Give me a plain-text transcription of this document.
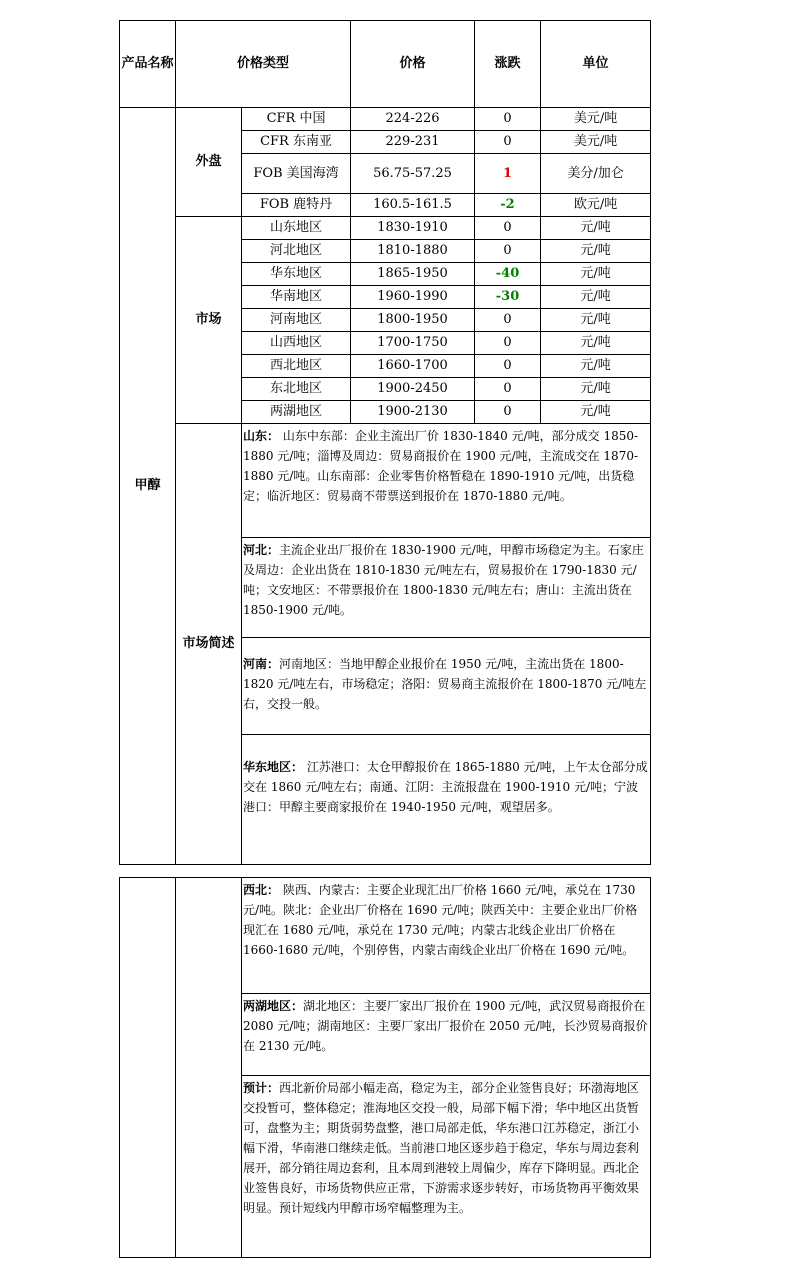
产品名称	价格类型		价格	涨跌	单位
甲醇	外盘	CFR 中国	224-226	0	美元/吨
		CFR 东南亚	229-231	0	美元/吨
		FOB 美国海湾	56.75-57.25	1	美分/加仑
		FOB 鹿特丹	160.5-161.5	-2	欧元/吨
	市场	山东地区	1830-1910	0	元/吨
		河北地区	1810-1880	0	元/吨
		华东地区	1865-1950	-40	元/吨
		华南地区	1960-1990	-30	元/吨
		河南地区	1800-1950	0	元/吨
		山西地区	1700-1750	0	元/吨
		西北地区	1660-1700	0	元/吨
		东北地区	1900-2450	0	元/吨
		两湖地区	1900-2130	0	元/吨
	市场简述	山东： 山东中东部：企业主流出厂价 1830-1840 元/吨，部分成交 1850-1880 元/吨；淄博及周边：贸易商报价在 1900 元/吨，主流成交在 1870-1880 元/吨。山东南部：企业零售价格暂稳在 1890-1910 元/吨，出货稳定；临沂地区：贸易商不带票送到报价在 1870-1880 元/吨。			
		河北：主流企业出厂报价在 1830-1900 元/吨，甲醇市场稳定为主。石家庄及周边：企业出货在 1810-1830 元/吨左右，贸易报价在 1790-1830 元/吨；文安地区：不带票报价在 1800-1830 元/吨左右；唐山：主流出货在 1850-1900 元/吨。			
		河南：河南地区：当地甲醇企业报价在 1950 元/吨，主流出货在 1800-1820 元/吨左右，市场稳定；洛阳：贸易商主流报价在 1800-1870 元/吨左右，交投一般。			
		华东地区： 江苏港口：太仓甲醇报价在 1865-1880 元/吨，上午太仓部分成交在 1860 元/吨左右；南通、江阴：主流报盘在 1900-1910 元/吨；宁波港口：甲醇主要商家报价在 1940-1950 元/吨，观望居多。			
		西北： 陕西、内蒙古：主要企业现汇出厂价格 1660 元/吨，承兑在 1730 元/吨。陕北：企业出厂价格在 1690 元/吨；陕西关中：主要企业出厂价格现汇在 1680 元/吨，承兑在 1730 元/吨；内蒙古北线企业出厂价格在 1660-1680 元/吨，个别停售，内蒙古南线企业出厂价格在 1690 元/吨。
两湖地区：湖北地区：主要厂家出厂报价在 1900 元/吨，武汉贸易商报价在 2080 元/吨；湖南地区：主要厂家出厂报价在 2050 元/吨，长沙贸易商报价在 2130 元/吨。
预计：西北新价局部小幅走高，稳定为主，部分企业签售良好；环渤海地区交投暂可，整体稳定；淮海地区交投一般，局部下幅下滑；华中地区出货暂可，盘整为主；期货弱势盘整，港口局部走低，华东港口江苏稳定，浙江小幅下滑，华南港口继续走低。当前港口地区逐步趋于稳定，华东与周边套利展开，部分销往周边套利，且本周到港较上周偏少，库存下降明显。西北企业签售良好，市场货物供应正常，下游需求逐步转好，市场货物再平衡效果明显。预计短线内甲醇市场窄幅整理为主。
